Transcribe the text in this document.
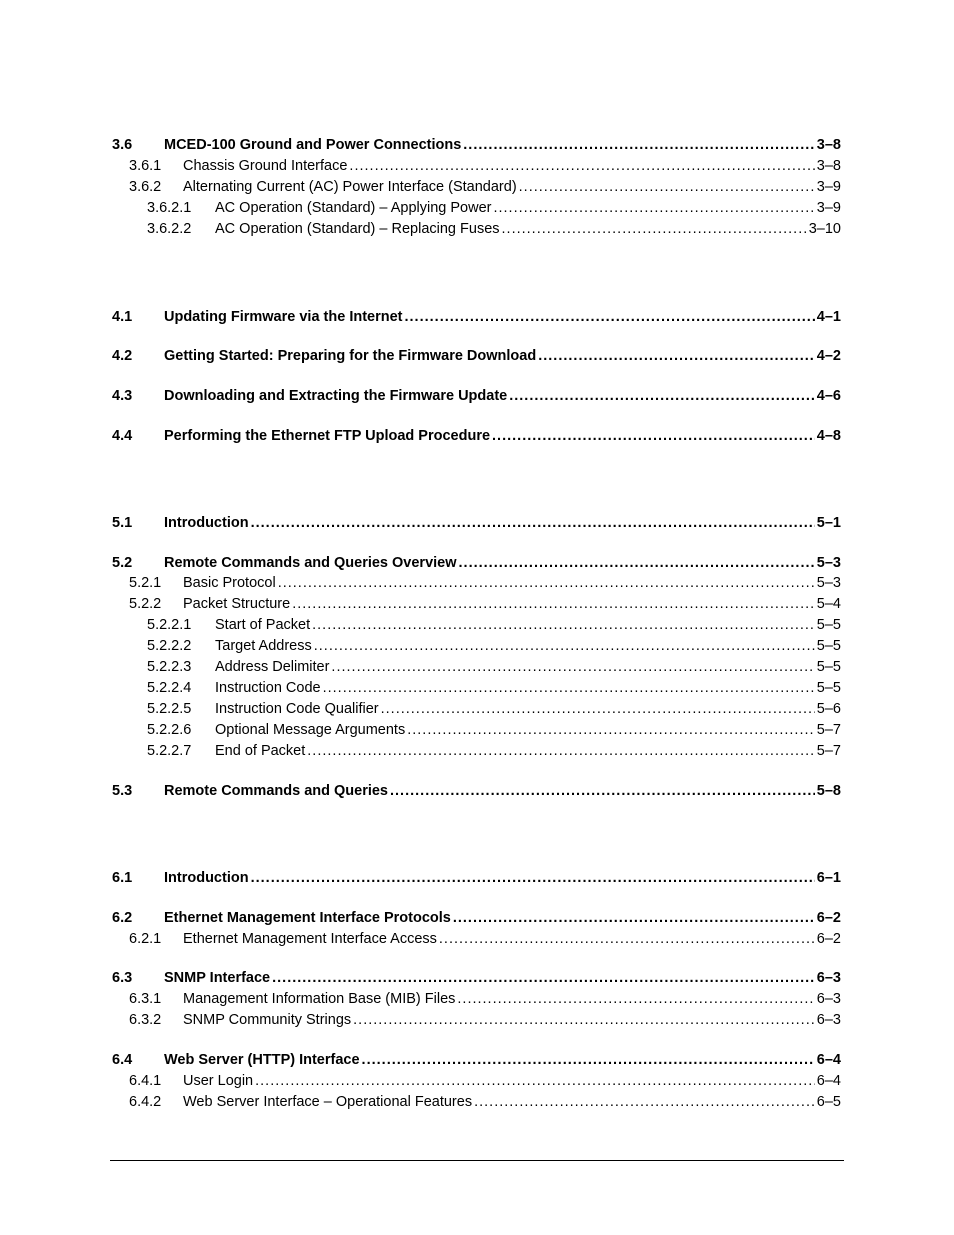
3.6	MCED-100 Ground and Power Connections .....	3–8
3.6.1	Chassis Ground Interface .....	3–8
3.6.2	Alternating Current (AC) Power Interface (Standard) .....	3–9
3.6.2.1	AC Operation (Standard) – Applying Power .....	3–9
3.6.2.2	AC Operation (Standard) – Replacing Fuses .....	3–10
4.1	Updating Firmware via the Internet .....	4–1
4.2	Getting Started: Preparing for the Firmware Download .....	4–2
4.3	Downloading and Extracting the Firmware Update .....	4–6
4.4	Performing the Ethernet FTP Upload Procedure .....	4–8
5.1	Introduction .....	5–1
5.2	Remote Commands and Queries Overview .....	5–3
5.2.1	Basic Protocol .....	5–3
5.2.2	Packet Structure .....	5–4
5.2.2.1	Start of Packet .....	5–5
5.2.2.2	Target Address .....	5–5
5.2.2.3	Address Delimiter .....	5–5
5.2.2.4	Instruction Code .....	5–5
5.2.2.5	Instruction Code Qualifier .....	5–6
5.2.2.6	Optional Message Arguments .....	5–7
5.2.2.7	End of Packet .....	5–7
5.3	Remote Commands and Queries .....	5–8
6.1	Introduction .....	6–1
6.2	Ethernet Management Interface Protocols .....	6–2
6.2.1	Ethernet Management Interface Access .....	6–2
6.3	SNMP Interface .....	6–3
6.3.1	Management Information Base (MIB) Files .....	6–3
6.3.2	SNMP Community Strings .....	6–3
6.4	Web Server (HTTP) Interface .....	6–4
6.4.1	User Login .....	6–4
6.4.2	Web Server Interface – Operational Features .....	6–5
